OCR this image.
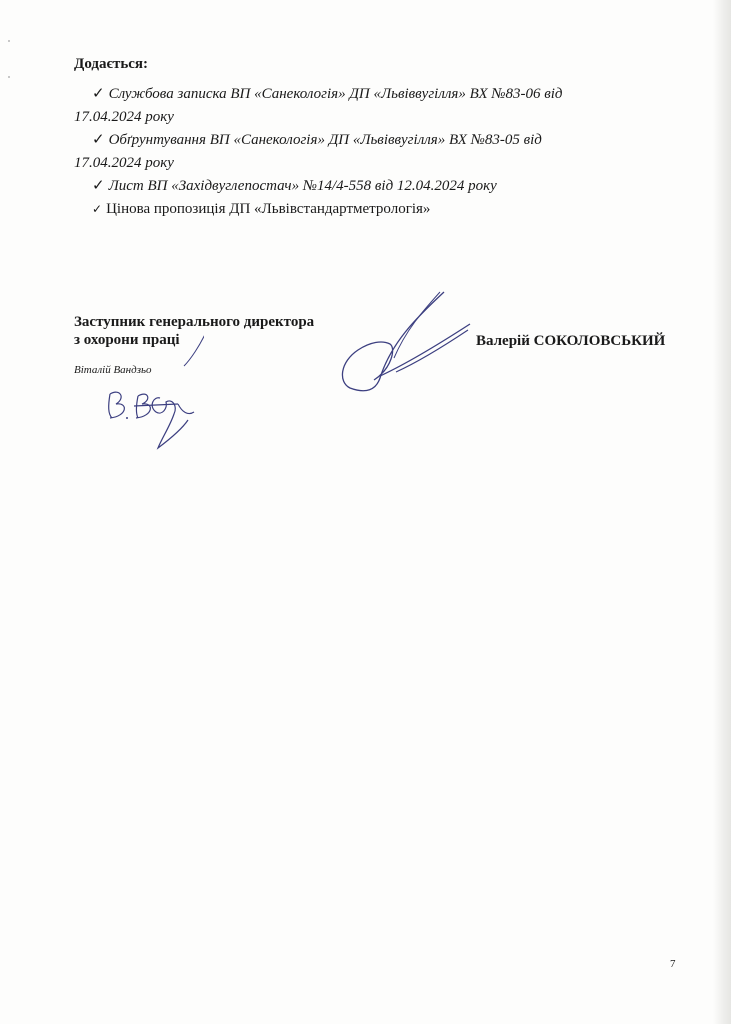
Додається:
✓ Службова записка ВП «Санекологія» ДП «Львіввугілля» ВХ №83-06 від
17.04.2024 року
✓ Обґрунтування ВП «Санекологія» ДП «Львіввугілля» ВХ №83-05 від
17.04.2024 року
✓ Лист ВП «Західвуглепостач» №14/4-558 від 12.04.2024 року
✓ Цінова пропозиція ДП «Львівстандартметрологія»
Заступник генерального директора
з охорони праці
Віталій Вандзьо
Валерій СОКОЛОВСЬКИЙ
7
